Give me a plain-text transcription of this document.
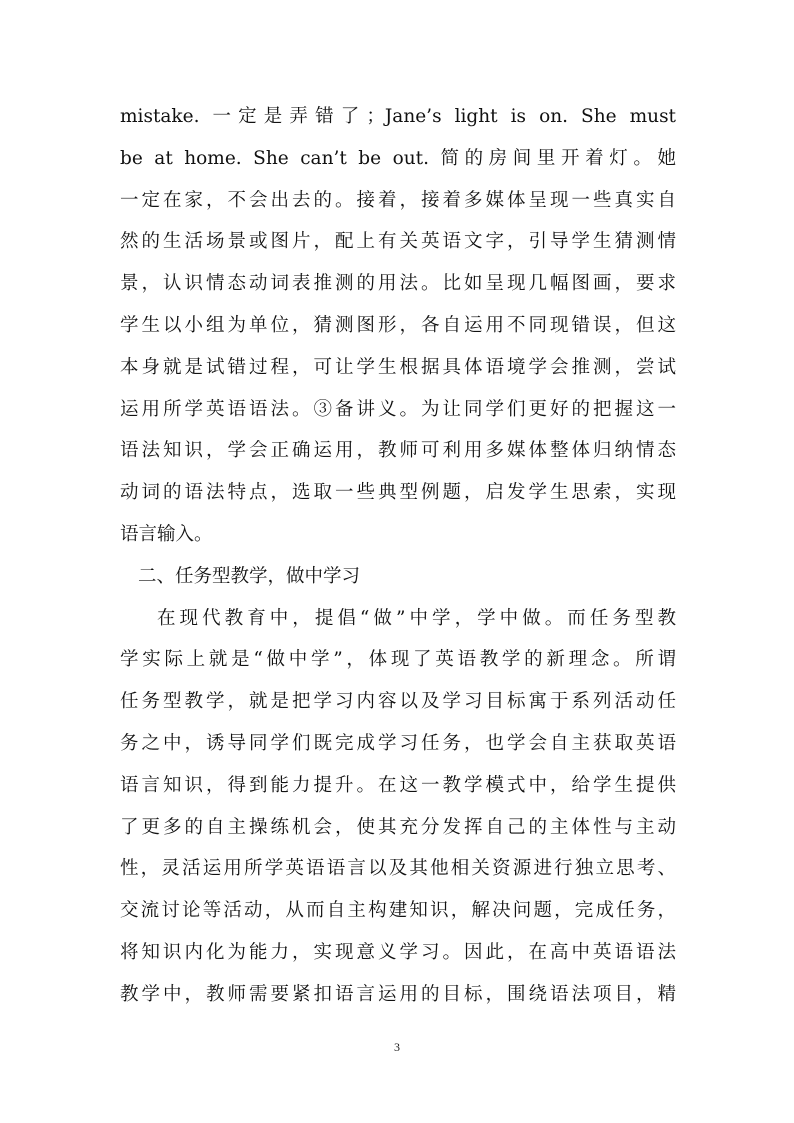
mistake. 一定是弄错了；Jane’s light is on. She must
be at home. She can’t be out. 简的房间里开着灯。她
一定在家，不会出去的。接着，接着多媒体呈现一些真实自
然的生活场景或图片，配上有关英语文字，引导学生猜测情
景，认识情态动词表推测的用法。比如呈现几幅图画，要求
学生以小组为单位，猜测图形，各自运用不同现错误，但这
本身就是试错过程，可让学生根据具体语境学会推测，尝试
运用所学英语语法。③备讲义。为让同学们更好的把握这一
语法知识，学会正确运用，教师可利用多媒体整体归纳情态
动词的语法特点，选取一些典型例题，启发学生思索，实现
语言输入。
二、任务型教学，做中学习
在现代教育中，提倡“做”中学，学中做。而任务型教
学实际上就是“做中学”，体现了英语教学的新理念。所谓
任务型教学，就是把学习内容以及学习目标寓于系列活动任
务之中，诱导同学们既完成学习任务，也学会自主获取英语
语言知识，得到能力提升。在这一教学模式中，给学生提供
了更多的自主操练机会，使其充分发挥自己的主体性与主动
性，灵活运用所学英语语言以及其他相关资源进行独立思考、
交流讨论等活动，从而自主构建知识，解决问题，完成任务，
将知识内化为能力，实现意义学习。因此，在高中英语语法
教学中，教师需要紧扣语言运用的目标，围绕语法项目，精
3
